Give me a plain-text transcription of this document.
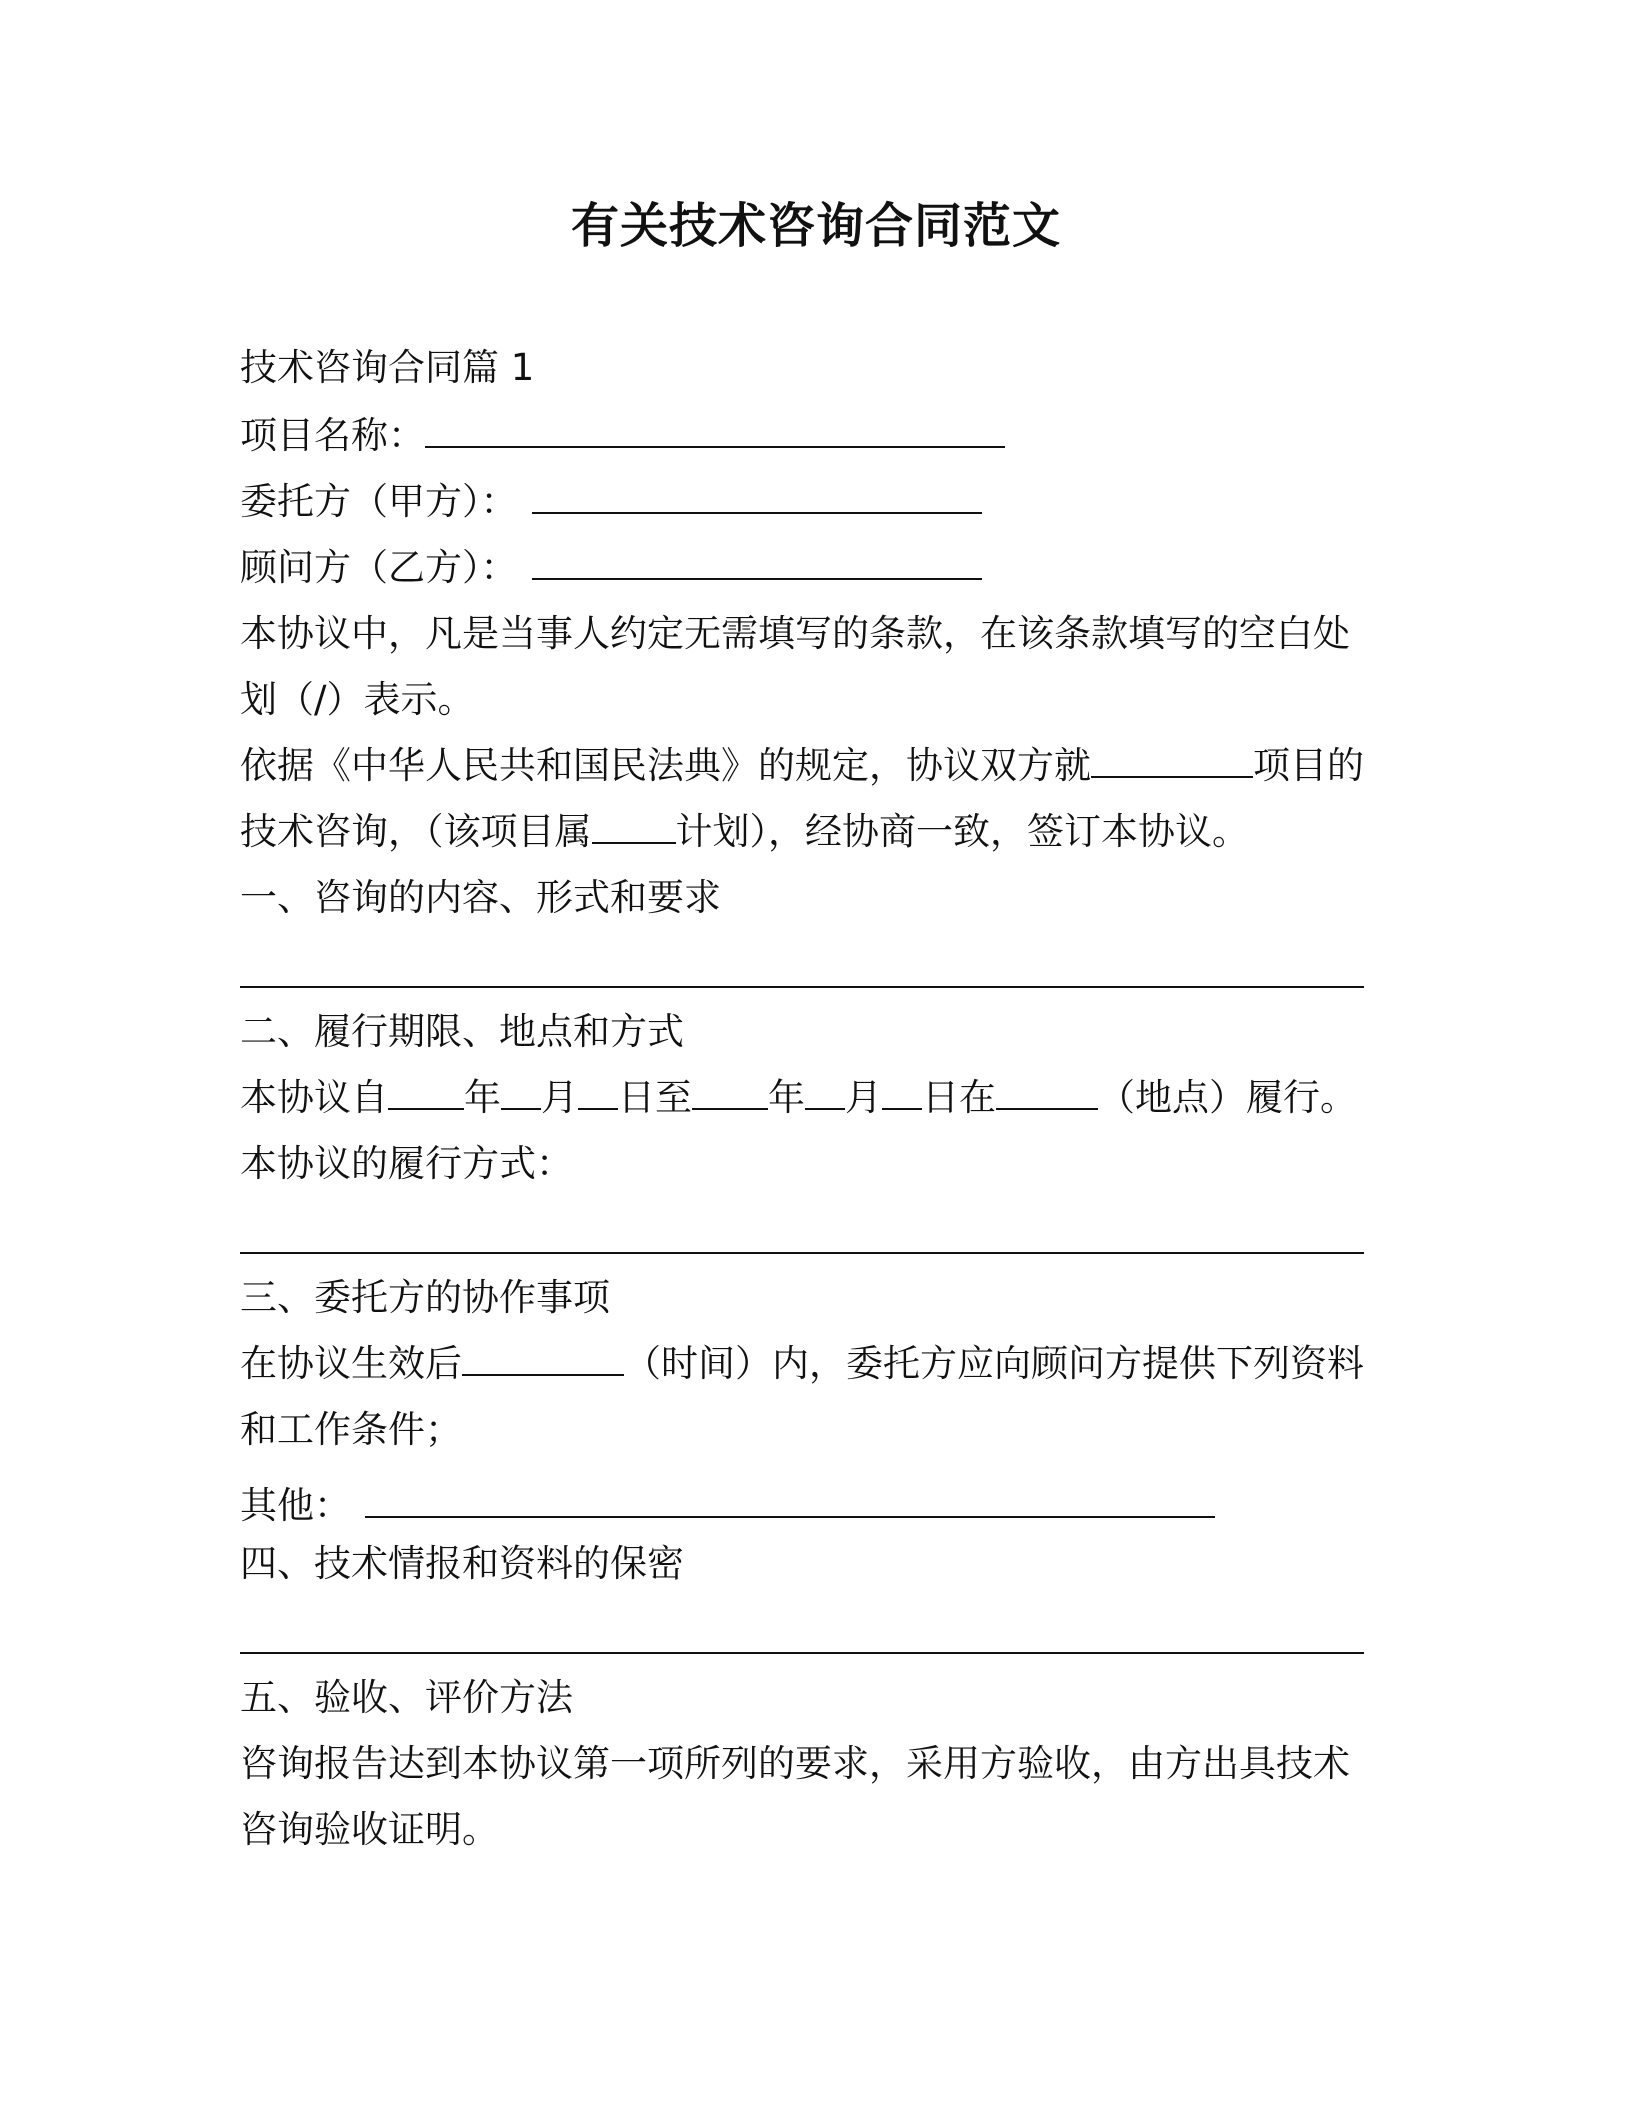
有关技术咨询合同范文
技术咨询合同篇 1
项目名称：
委托方（甲方）：
顾问方（乙方）：
本协议中，凡是当事人约定无需填写的条款，在该条款填写的空白处
划（/）表示。
依据《中华人民共和国民法典》的规定，协议双方就	项目的
技术咨询，（该项目属 计划），经协商一致，签订本协议。
一、咨询的内容、形式和要求
二、履行期限、地点和方式
本协议自 年 月 日至 年 月 日在	（地点）履行。
本协议的履行方式：
三、委托方的协作事项
在协议生效后	（时间）内，委托方应向顾问方提供下列资料
和工作条件；
其他：
四、技术情报和资料的保密
五、验收、评价方法
咨询报告达到本协议第一项所列的要求，采用方验收，由方出具技术
咨询验收证明。
